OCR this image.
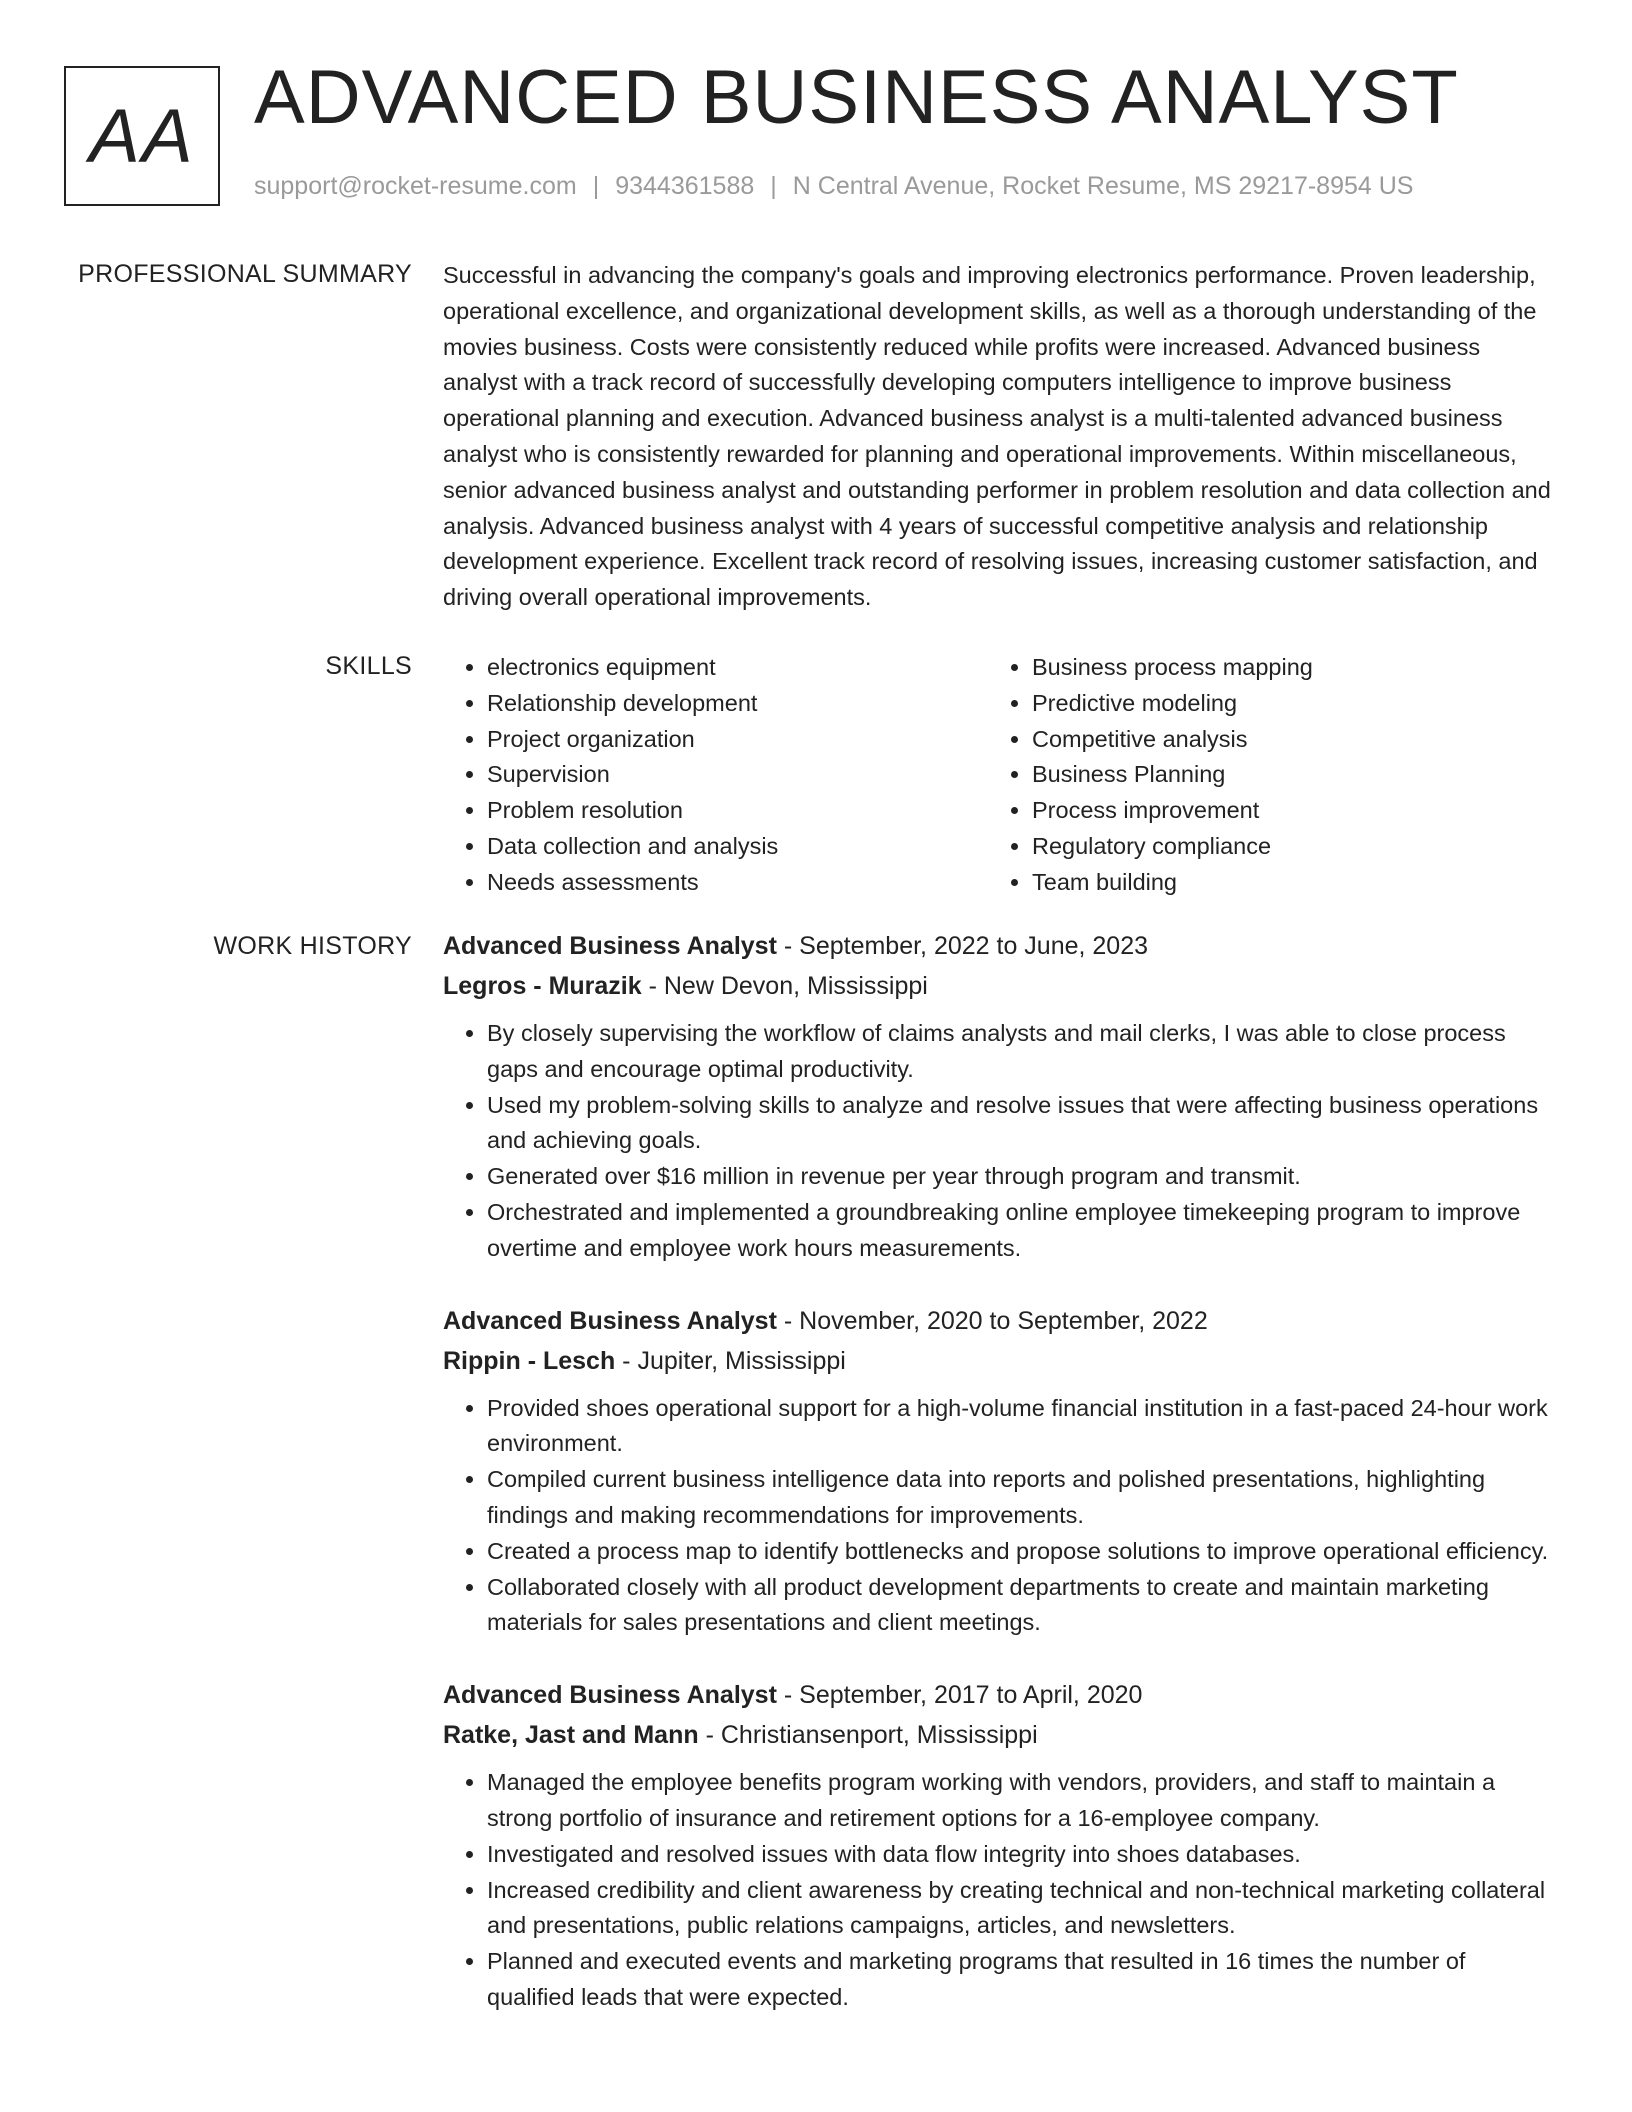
AA ADVANCED BUSINESS ANALYST
support@rocket-resume.com | 9344361588 | N Central Avenue, Rocket Resume, MS 29217-8954 US
PROFESSIONAL SUMMARY Successful in advancing the company's goals and improving electronics performance. Proven leadership, operational excellence, and organizational development skills, as well as a thorough understanding of the movies business. Costs were consistently reduced while profits were increased. Advanced business analyst with a track record of successfully developing computers intelligence to improve business operational planning and execution. Advanced business analyst is a multi-talented advanced business analyst who is consistently rewarded for planning and operational improvements. Within miscellaneous, senior advanced business analyst and outstanding performer in problem resolution and data collection and analysis. Advanced business analyst with 4 years of successful competitive analysis and relationship development experience. Excellent track record of resolving issues, increasing customer satisfaction, and driving overall operational improvements.

SKILLS
•	electronics equipment
• Relationship development
• Project organization
• Supervision
• Problem resolution
• Data collection and analysis
• Needs assessments
• Business process mapping
• Predictive modeling
• Competitive analysis
• Business Planning
• Process improvement
• Regulatory compliance
• Team building
WORK HISTORY Advanced Business Analyst - September, 2022 to June, 2023
Legros - Murazik - New Devon, Mississippi
• By closely supervising the workflow of claims analysts and mail clerks, I was able to close process gaps and encourage optimal productivity.
• Used my problem-solving skills to analyze and resolve issues that were affecting business operations and achieving goals.
• Generated over $16 million in revenue per year through program and transmit.
• Orchestrated and implemented a groundbreaking online employee timekeeping program to improve overtime and employee work hours measurements.
Advanced Business Analyst - November, 2020 to September, 2022
Rippin - Lesch - Jupiter, Mississippi
• Provided shoes operational support for a high-volume financial institution in a fast-paced 24-hour work environment.
• Compiled current business intelligence data into reports and polished presentations, highlighting findings and making recommendations for improvements.
• Created a process map to identify bottlenecks and propose solutions to improve operational efficiency.
• Collaborated closely with all product development departments to create and maintain marketing materials for sales presentations and client meetings.
Advanced Business Analyst - September, 2017 to April, 2020
Ratke, Jast and Mann - Christiansenport, Mississippi
• Managed the employee benefits program working with vendors, providers, and staff to maintain a strong portfolio of insurance and retirement options for a 16-employee company.
• Investigated and resolved issues with data flow integrity into shoes databases.
• Increased credibility and client awareness by creating technical and non-technical marketing collateral and presentations, public relations campaigns, articles, and newsletters.
• Planned and executed events and marketing programs that resulted in 16 times the number of qualified leads that were expected.
